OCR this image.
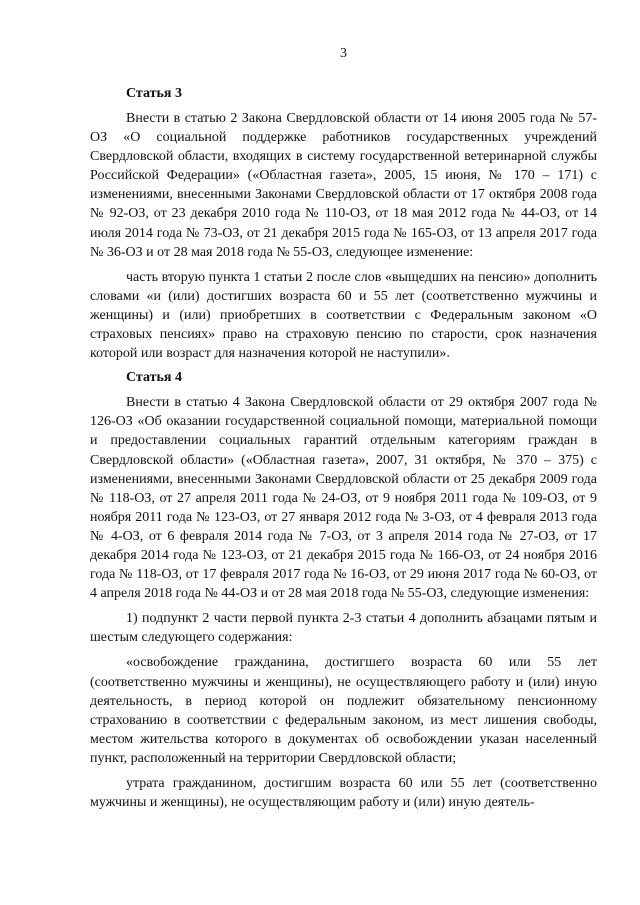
3
Статья 3

Внести в статью 2 Закона Свердловской области от 14 июня 2005 года № 57-ОЗ «О социальной поддержке работников государственных учреждений Свердловской области, входящих в систему государственной ветеринарной службы Российской Федерации» («Областная газета», 2005, 15 июня, № 170 – 171) с изменениями, внесенными Законами Свердловской области от 17 октября 2008 года № 92-ОЗ, от 23 декабря 2010 года № 110-ОЗ, от 18 мая 2012 года № 44-ОЗ, от 14 июля 2014 года № 73-ОЗ, от 21 декабря 2015 года № 165-ОЗ, от 13 апреля 2017 года № 36-ОЗ и от 28 мая 2018 года № 55-ОЗ, следующее изменение:

часть вторую пункта 1 статьи 2 после слов «выщедших на пенсию» дополнить словами «и (или) достигших возраста 60 и 55 лет (соответственно мужчины и женщины) и (или) приобретших в соответствии с Федеральным законом «О страховых пенсиях» право на страховую пенсию по старости, срок назначения которой или возраст для назначения которой не наступили».

Статья 4

Внести в статью 4 Закона Свердловской области от 29 октября 2007 года № 126-ОЗ «Об оказании государственной социальной помощи, материальной помощи и предоставлении социальных гарантий отдельным категориям граждан в Свердловской области» («Областная газета», 2007, 31 октября, № 370 – 375) с изменениями, внесенными Законами Свердловской области от 25 декабря 2009 года № 118-ОЗ, от 27 апреля 2011 года № 24-ОЗ, от 9 ноября 2011 года № 109-ОЗ, от 9 ноября 2011 года № 123-ОЗ, от 27 января 2012 года № 3-ОЗ, от 4 февраля 2013 года № 4-ОЗ, от 6 февраля 2014 года № 7-ОЗ, от 3 апреля 2014 года № 27-ОЗ, от 17 декабря 2014 года № 123-ОЗ, от 21 декабря 2015 года № 166-ОЗ, от 24 ноября 2016 года № 118-ОЗ, от 17 февраля 2017 года № 16-ОЗ, от 29 июня 2017 года № 60-ОЗ, от 4 апреля 2018 года № 44-ОЗ и от 28 мая 2018 года № 55-ОЗ, следующие изменения:

1) подпункт 2 части первой пункта 2-3 статьи 4 дополнить абзацами пятым и шестым следующего содержания:

«освобождение гражданина, достигшего возраста 60 или 55 лет (соответственно мужчины и женщины), не осуществляющего работу и (или) иную деятельность, в период которой он подлежит обязательному пенсионному страхованию в соответствии с федеральным законом, из мест лишения свободы, местом жительства которого в документах об освобождении указан населенный пункт, расположенный на территории Свердловской области;

утрата гражданином, достигшим возраста 60 или 55 лет (соответственно мужчины и женщины), не осуществляющим работу и (или) иную деятель-
